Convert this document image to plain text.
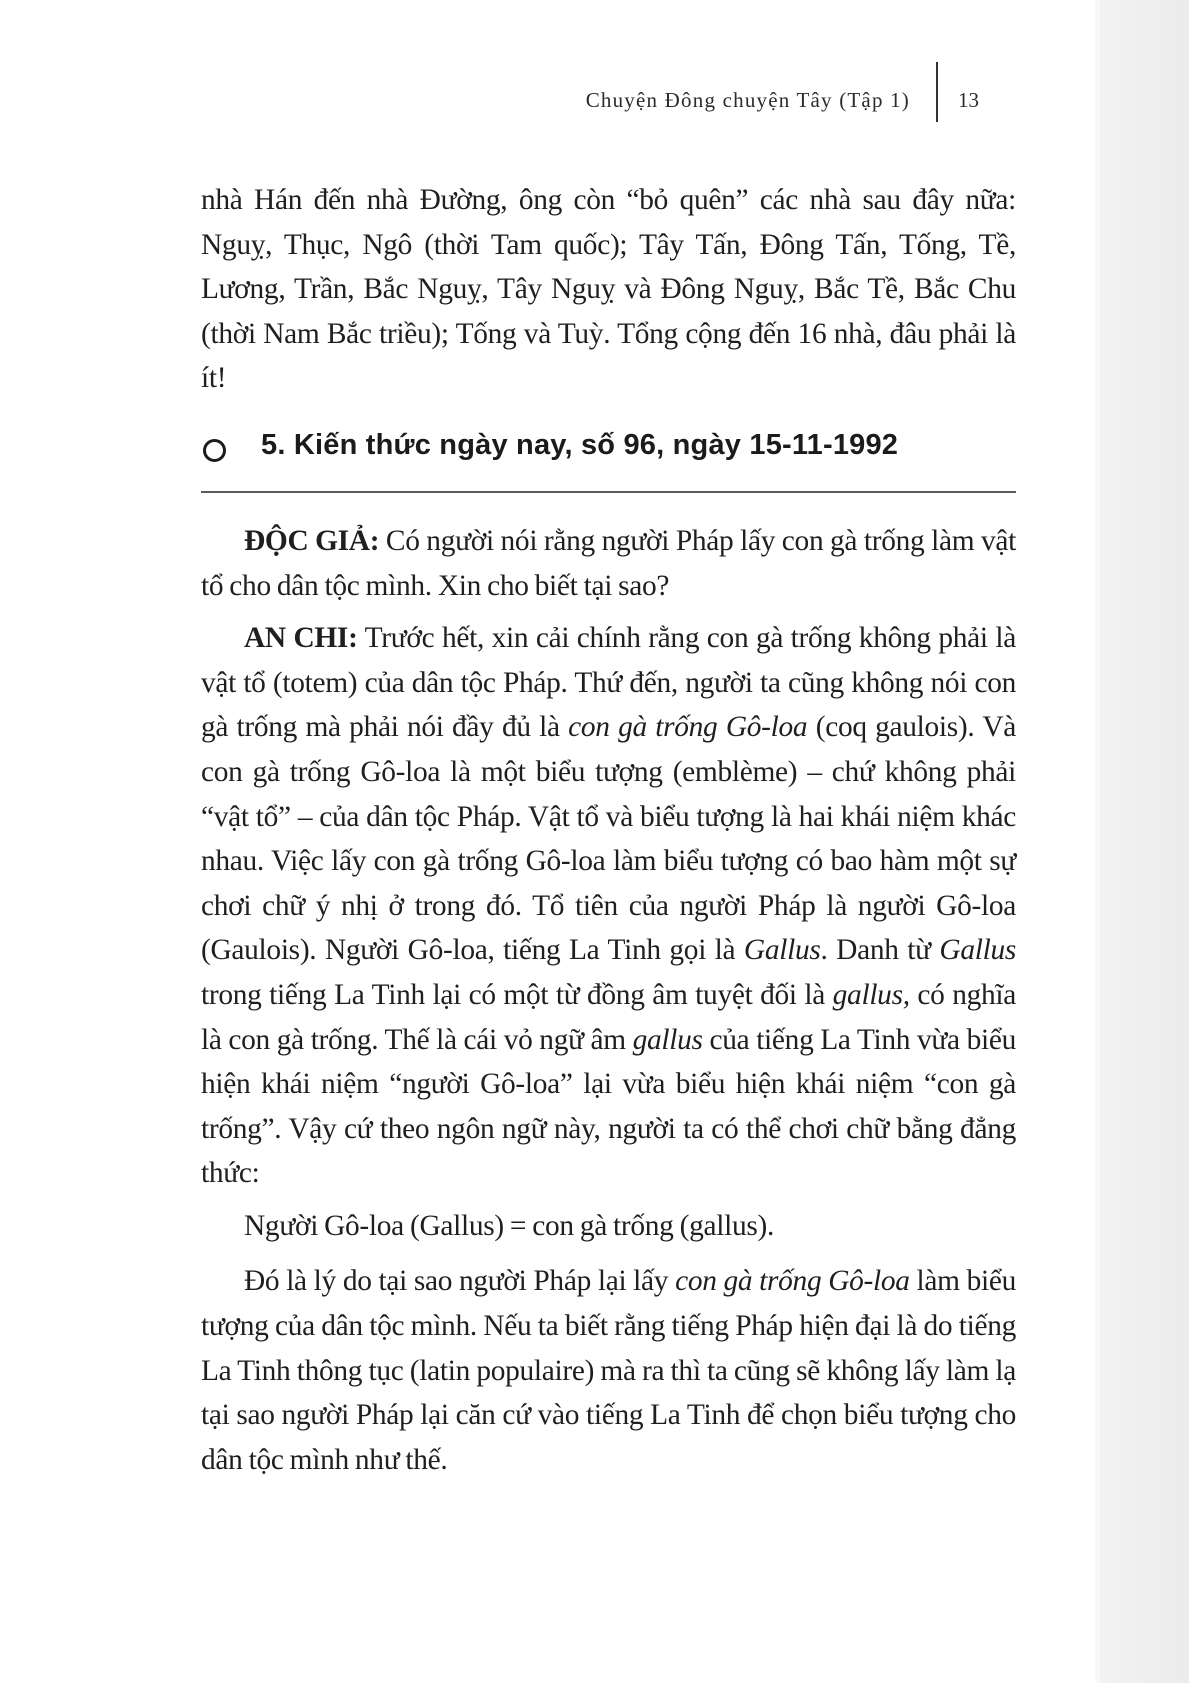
Chuyện Đông chuyện Tây (Tập 1) 13

nhà Hán đến nhà Đường, ông còn “bỏ quên” các nhà sau đây nữa: Nguỵ, Thục, Ngô (thời Tam quốc); Tây Tấn, Đông Tấn, Tống, Tề, Lương, Trần, Bắc Nguỵ, Tây Nguỵ và Đông Nguỵ, Bắc Tề, Bắc Chu (thời Nam Bắc triều); Tống và Tuỳ. Tổng cộng đến 16 nhà, đâu phải là ít!

5. Kiến thức ngày nay, số 96, ngày 15-11-1992

ĐỘC GIẢ: Có người nói rằng người Pháp lấy con gà trống làm vật tổ cho dân tộc mình. Xin cho biết tại sao?

AN CHI: Trước hết, xin cải chính rằng con gà trống không phải là vật tổ (totem) của dân tộc Pháp. Thứ đến, người ta cũng không nói con gà trống mà phải nói đầy đủ là con gà trống Gô-loa (coq gaulois). Và con gà trống Gô-loa là một biểu tượng (emblème) – chứ không phải “vật tổ” – của dân tộc Pháp. Vật tổ và biểu tượng là hai khái niệm khác nhau. Việc lấy con gà trống Gô-loa làm biểu tượng có bao hàm một sự chơi chữ ý nhị ở trong đó. Tổ tiên của người Pháp là người Gô-loa (Gaulois). Người Gô-loa, tiếng La Tinh gọi là Gallus. Danh từ Gallus trong tiếng La Tinh lại có một từ đồng âm tuyệt đối là gallus, có nghĩa là con gà trống. Thế là cái vỏ ngữ âm gallus của tiếng La Tinh vừa biểu hiện khái niệm “người Gô-loa” lại vừa biểu hiện khái niệm “con gà trống”. Vậy cứ theo ngôn ngữ này, người ta có thể chơi chữ bằng đẳng thức:

Người Gô-loa (Gallus) = con gà trống (gallus).

Đó là lý do tại sao người Pháp lại lấy con gà trống Gô-loa làm biểu tượng của dân tộc mình. Nếu ta biết rằng tiếng Pháp hiện đại là do tiếng La Tinh thông tục (latin populaire) mà ra thì ta cũng sẽ không lấy làm lạ tại sao người Pháp lại căn cứ vào tiếng La Tinh để chọn biểu tượng cho dân tộc mình như thế.
